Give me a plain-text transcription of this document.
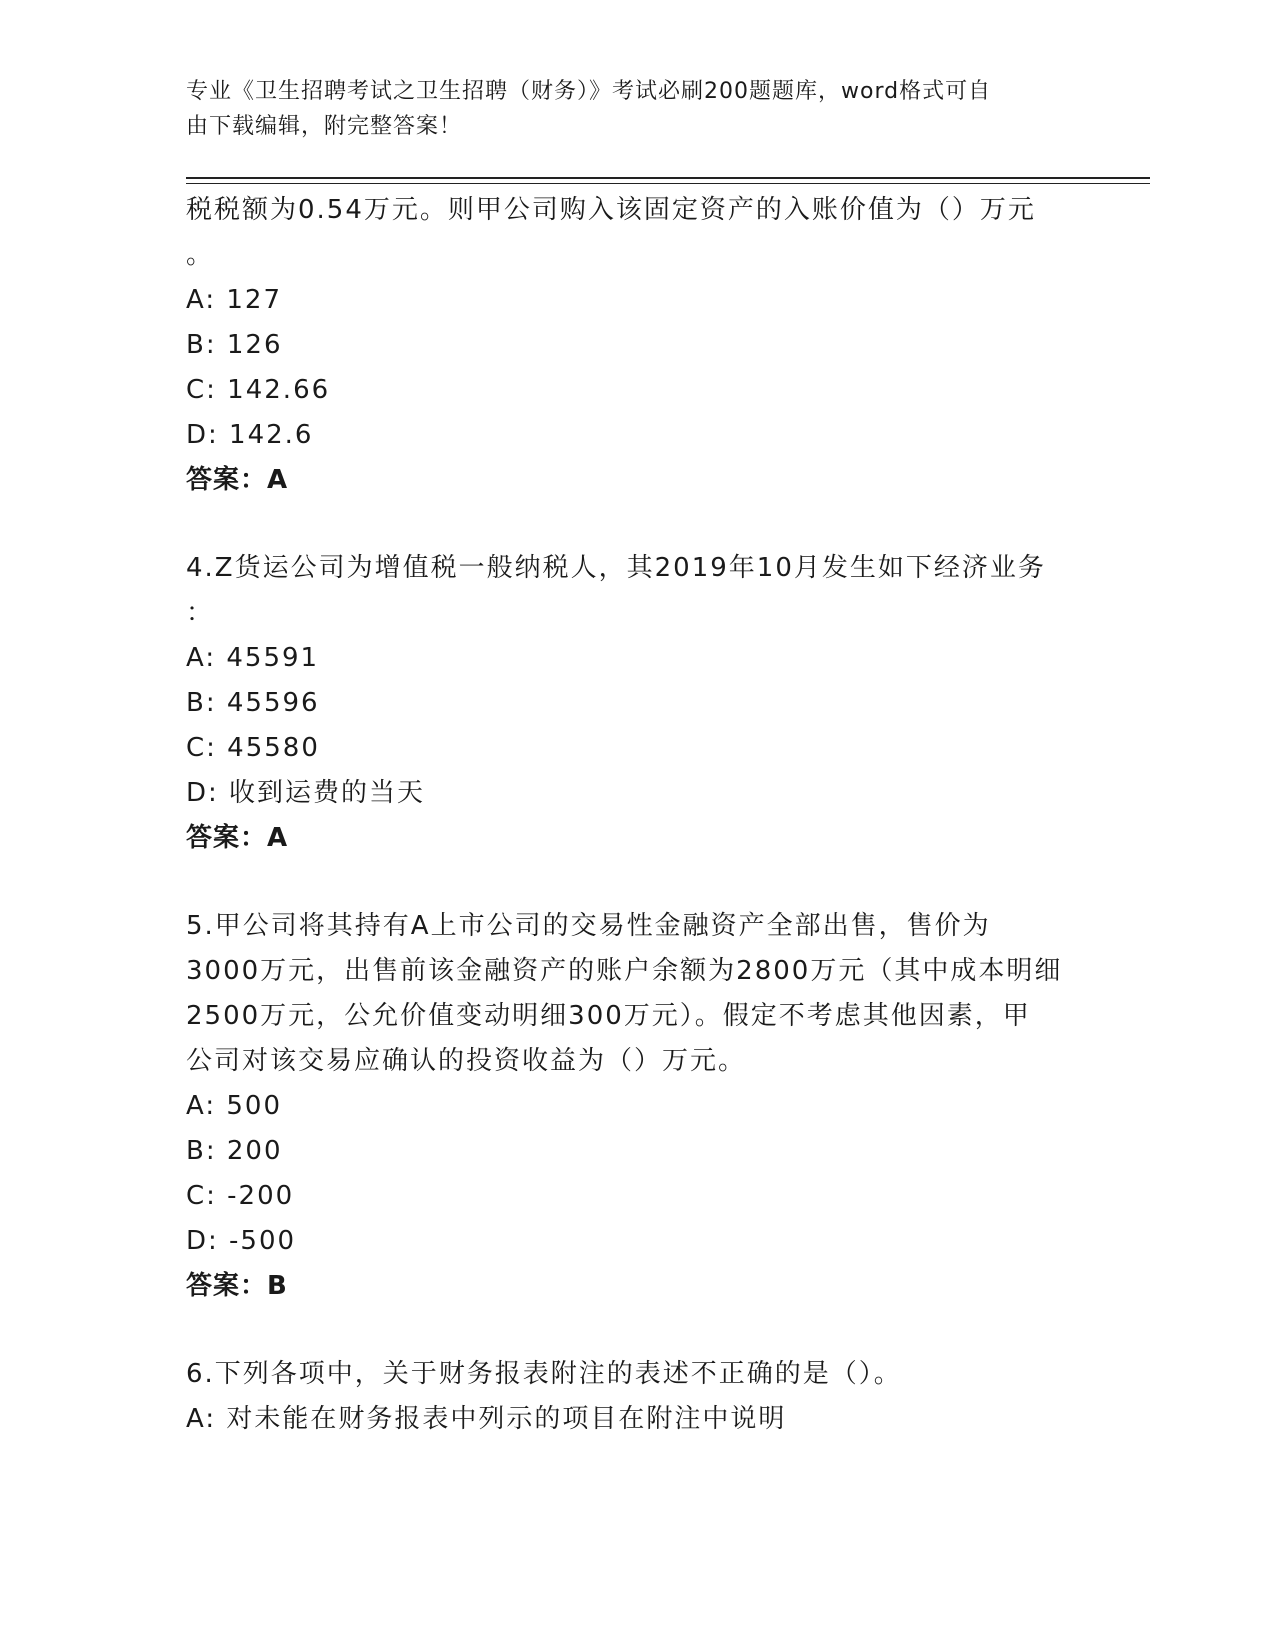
专业《卫生招聘考试之卫生招聘（财务）》考试必刷200题题库，word格式可自
由下载编辑，附完整答案！
税税额为0.54万元。则甲公司购入该固定资产的入账价值为（）万元
。
A: 127
B: 126
C: 142.66
D: 142.6
答案：A
4.Z货运公司为增值税一般纳税人，其2019年10月发生如下经济业务
：
A: 45591
B: 45596
C: 45580
D: 收到运费的当天
答案：A
5.甲公司将其持有A上市公司的交易性金融资产全部出售，售价为
3000万元，出售前该金融资产的账户余额为2800万元（其中成本明细
2500万元，公允价值变动明细300万元）。假定不考虑其他因素，甲
公司对该交易应确认的投资收益为（）万元。
A: 500
B: 200
C: -200
D: -500
答案：B
6.下列各项中，关于财务报表附注的表述不正确的是（）。
A: 对未能在财务报表中列示的项目在附注中说明
